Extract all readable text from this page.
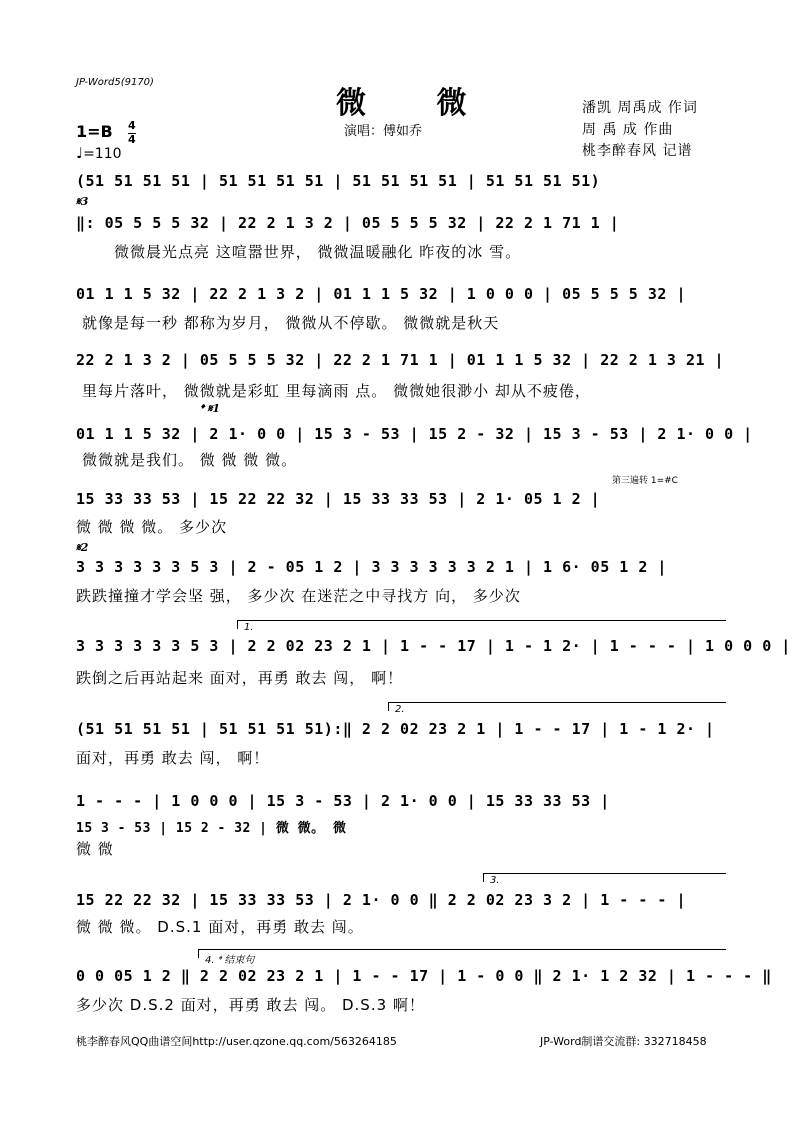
JP-Word5(9170)
微 微
演唱：傅如乔
潘凯 周禹成 作词
周 禹 成 作曲
桃李醉春风 记谱
1=B 4
4
♩=110
(51 51 51 51 | 51 51 51 51 | 51 51 51 51 | 51 51 51 51)
𝄋3
‖: 05 5 5 5 32 | 22 2 1 3 2 | 05 5 5 5 32 | 22 2 1 71 1 |
微微晨光点亮 这喧嚣世界， 微微温暖融化 昨夜的冰 雪。
01 1 1 5 32 | 22 2 1 3 2 | 01 1 1 5 32 | 1 0 0 0 | 05 5 5 5 32 |
就像是每一秒 都称为岁月， 微微从不停歇。 微微就是秋天
22 2 1 3 2 | 05 5 5 5 32 | 22 2 1 71 1 | 01 1 1 5 32 | 22 2 1 3 21 |
里每片落叶， 微微就是彩虹 里每滴雨 点。 微微她很渺小 却从不疲倦，
𝄌 𝄋1
01 1 1 5 32 | 2 1· 0 0 | 15 3 - 53 | 15 2 - 32 | 15 3 - 53 | 2 1· 0 0 |
微微就是我们。 微 微 微 微。
第三遍转 1=#C
15 33 33 53 | 15 22 22 32 | 15 33 33 53 | 2 1· 05 1 2 |
微 微 微 微。 多少次
𝄋2
3 3 3 3 3 3 5 3 | 2 - 05 1 2 | 3 3 3 3 3 3 2 1 | 1 6· 05 1 2 |
跌跌撞撞才学会坚 强， 多少次 在迷茫之中寻找方 向， 多少次
1.
3 3 3 3 3 3 5 3 | 2 2 02 23 2 1 | 1 - - 17 | 1 - 1 2· | 1 - - - | 1 0 0 0 |
跌倒之后再站起来 面对，再勇 敢去 闯， 啊！
2.
(51 51 51 51 | 51 51 51 51):‖ 2 2 02 23 2 1 | 1 - - 17 | 1 - 1 2· |
面对，再勇 敢去 闯， 啊！
1 - - - | 1 0 0 0 | 15 3 - 53 | 2 1· 0 0 | 15 33 33 53 |
15 3 - 53 | 15 2 - 32 | 微 微。 微
微 微
3.
15 22 22 32 | 15 33 33 53 | 2 1· 0 0 ‖ 2 2 02 23 3 2 | 1 - - - |
微 微 微。 D.S.1 面对，再勇 敢去 闯。
4. 𝄌 结束句
0 0 05 1 2 ‖ 2 2 02 23 2 1 | 1 - - 17 | 1 - 0 0 ‖ 2 1· 1 2 32 | 1 - - - ‖
多少次 D.S.2 面对，再勇 敢去 闯。 D.S.3 啊！
桃李醉春风QQ曲谱空间http://user.qzone.qq.com/563264185	JP-Word制谱交流群: 332718458
